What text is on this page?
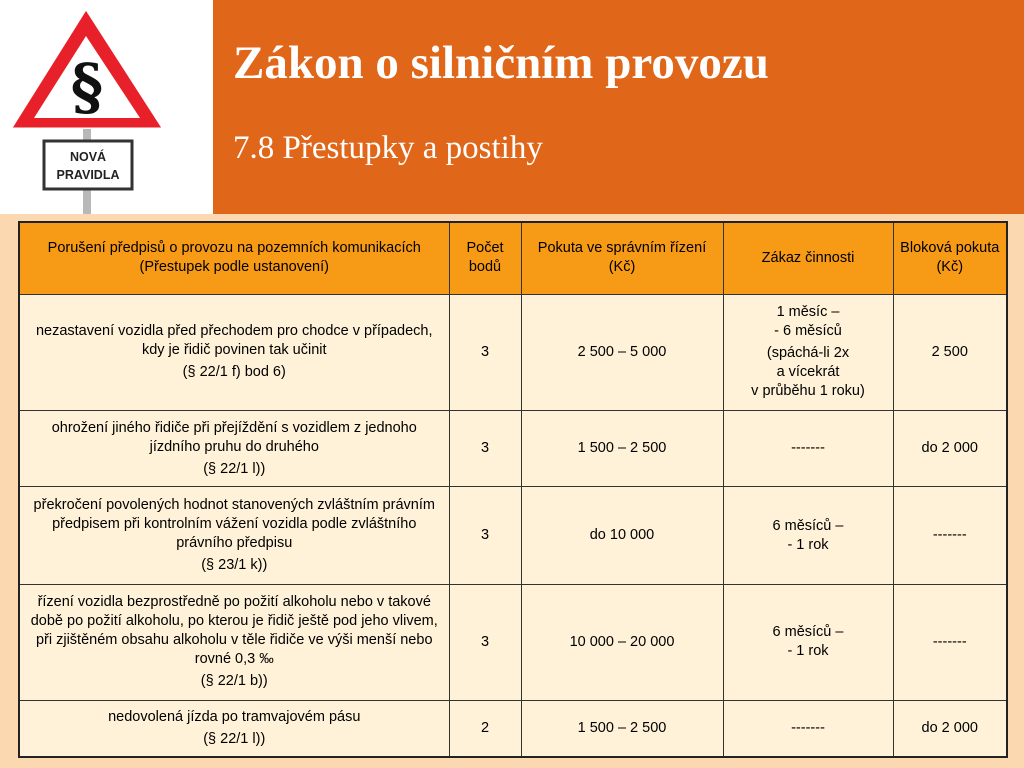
§
NOVÁ
PRAVIDLA
Zákon o silničním provozu
7.8 Přestupky a postihy
Porušení předpisů o provozu na pozemních komunikacích
(Přestupek podle ustanovení)	Počet bodů	Pokuta ve správním řízení (Kč)	Zákaz činnosti	Bloková pokuta (Kč)

nezastavení vozidla před přechodem pro chodce v případech, kdy je řidič povinen tak učinit
(§ 22/1 f) bod 6)	3	2 500 – 5 000	1 měsíc –
- 6 měsíců
(spáchá-li 2x
a vícekrát
v průběhu 1 roku)	2 500

ohrožení jiného řidiče při přejíždění s vozidlem z jednoho jízdního pruhu do druhého
(§ 22/1 l))	3	1 500 – 2 500	-------	do 2 000

překročení povolených hodnot stanovených zvláštním právním předpisem při kontrolním vážení vozidla podle zvláštního právního předpisu
(§ 23/1 k))	3	do 10 000	6 měsíců –
- 1 rok	-------

řízení vozidla bezprostředně po požití alkoholu nebo v takové době po požití alkoholu, po kterou je řidič ještě pod jeho vlivem, při zjištěném obsahu alkoholu v těle řidiče ve výši menší nebo rovné 0,3 ‰
(§ 22/1 b))	3	10 000 – 20 000	6 měsíců –
- 1 rok	-------

nedovolená jízda po tramvajovém pásu
(§ 22/1 l))	2	1 500 – 2 500	-------	do 2 000
